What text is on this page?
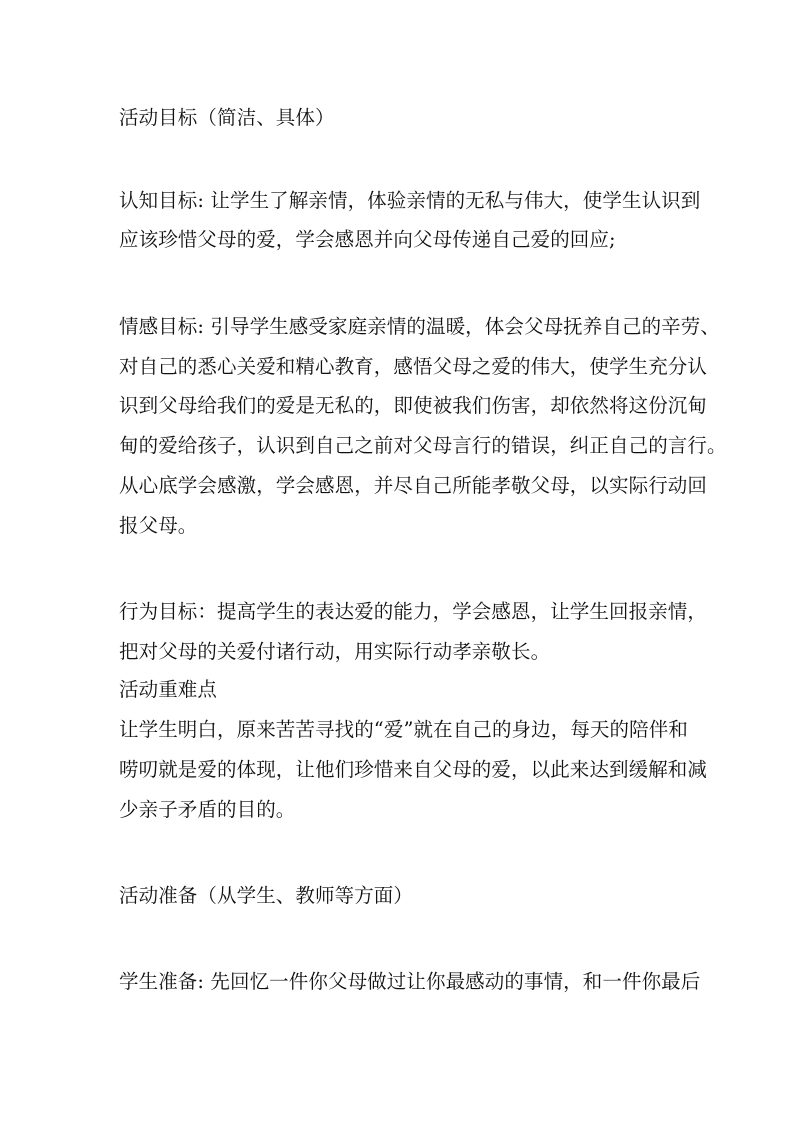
活动目标（简洁、具体）
认知目标: 让学生了解亲情，体验亲情的无私与伟大，使学生认识到
应该珍惜父母的爱，学会感恩并向父母传递自己爱的回应;
情感目标: 引导学生感受家庭亲情的温暖，体会父母抚养自己的辛劳、
对自己的悉心关爱和精心教育，感悟父母之爱的伟大，使学生充分认
识到父母给我们的爱是无私的，即使被我们伤害，却依然将这份沉甸
甸的爱给孩子，认识到自己之前对父母言行的错误，纠正自己的言行。
从心底学会感激，学会感恩，并尽自己所能孝敬父母，以实际行动回
报父母。
行为目标：提高学生的表达爱的能力，学会感恩，让学生回报亲情，
把对父母的关爱付诸行动，用实际行动孝亲敬长。
活动重难点
让学生明白，原来苦苦寻找的“爱”就在自己的身边，每天的陪伴和
唠叨就是爱的体现，让他们珍惜来自父母的爱，以此来达到缓解和减
少亲子矛盾的目的。
活动准备（从学生、教师等方面）
学生准备: 先回忆一件你父母做过让你最感动的事情，和一件你最后
